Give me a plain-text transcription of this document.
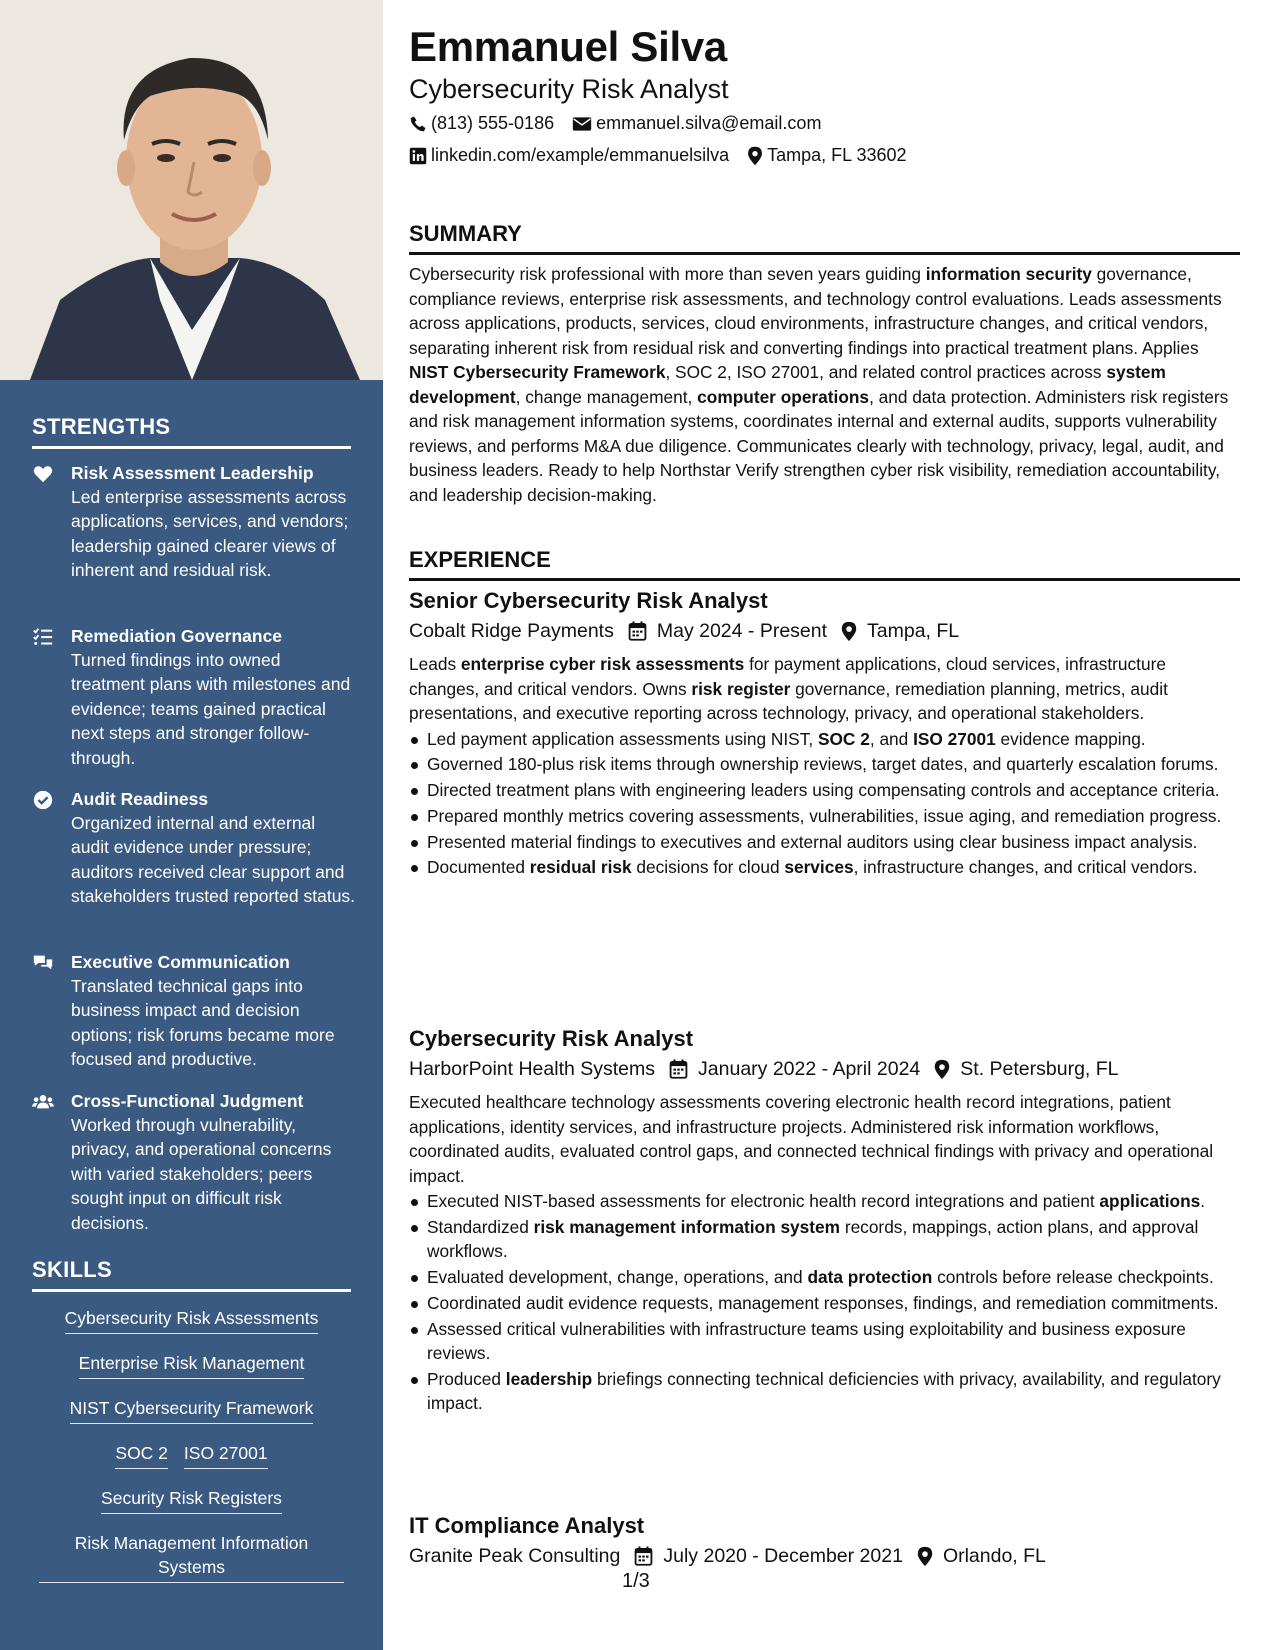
STRENGTHS
Risk Assessment Leadership
Led enterprise assessments across applications, services, and vendors; leadership gained clearer views of inherent and residual risk.
Remediation Governance
Turned findings into owned treatment plans with milestones and evidence; teams gained practical next steps and stronger follow-through.
Audit Readiness
Organized internal and external audit evidence under pressure; auditors received clear support and stakeholders trusted reported status.
Executive Communication
Translated technical gaps into business impact and decision options; risk forums became more focused and productive.
Cross-Functional Judgment
Worked through vulnerability, privacy, and operational concerns with varied stakeholders; peers sought input on difficult risk decisions.
SKILLS
Cybersecurity Risk Assessments
Enterprise Risk Management
NIST Cybersecurity Framework
SOC 2 ISO 27001
Security Risk Registers
Risk Management Information Systems
Emmanuel Silva
Cybersecurity Risk Analyst
(813) 555-0186 emmanuel.silva@email.com
linkedin.com/example/emmanuelsilva Tampa, FL 33602
SUMMARY
Cybersecurity risk professional with more than seven years guiding information security governance, compliance reviews, enterprise risk assessments, and technology control evaluations. Leads assessments across applications, products, services, cloud environments, infrastructure changes, and critical vendors, separating inherent risk from residual risk and converting findings into practical treatment plans. Applies NIST Cybersecurity Framework, SOC 2, ISO 27001, and related control practices across system development, change management, computer operations, and data protection. Administers risk registers and risk management information systems, coordinates internal and external audits, supports vulnerability reviews, and performs M&A due diligence. Communicates clearly with technology, privacy, legal, audit, and business leaders. Ready to help Northstar Verify strengthen cyber risk visibility, remediation accountability, and leadership decision-making.
EXPERIENCE
Senior Cybersecurity Risk Analyst
Cobalt Ridge Payments May 2024 - Present Tampa, FL
Leads enterprise cyber risk assessments for payment applications, cloud services, infrastructure changes, and critical vendors. Owns risk register governance, remediation planning, metrics, audit presentations, and executive reporting across technology, privacy, and operational stakeholders.
Led payment application assessments using NIST, SOC 2, and ISO 27001 evidence mapping.
Governed 180-plus risk items through ownership reviews, target dates, and quarterly escalation forums.
Directed treatment plans with engineering leaders using compensating controls and acceptance criteria.
Prepared monthly metrics covering assessments, vulnerabilities, issue aging, and remediation progress.
Presented material findings to executives and external auditors using clear business impact analysis.
Documented residual risk decisions for cloud services, infrastructure changes, and critical vendors.
Cybersecurity Risk Analyst
HarborPoint Health Systems January 2022 - April 2024 St. Petersburg, FL
Executed healthcare technology assessments covering electronic health record integrations, patient applications, identity services, and infrastructure projects. Administered risk information workflows, coordinated audits, evaluated control gaps, and connected technical findings with privacy and operational impact.
Executed NIST-based assessments for electronic health record integrations and patient applications.
Standardized risk management information system records, mappings, action plans, and approval workflows.
Evaluated development, change, operations, and data protection controls before release checkpoints.
Coordinated audit evidence requests, management responses, findings, and remediation commitments.
Assessed critical vulnerabilities with infrastructure teams using exploitability and business exposure reviews.
Produced leadership briefings connecting technical deficiencies with privacy, availability, and regulatory impact.
IT Compliance Analyst
Granite Peak Consulting July 2020 - December 2021 Orlando, FL
1/3
